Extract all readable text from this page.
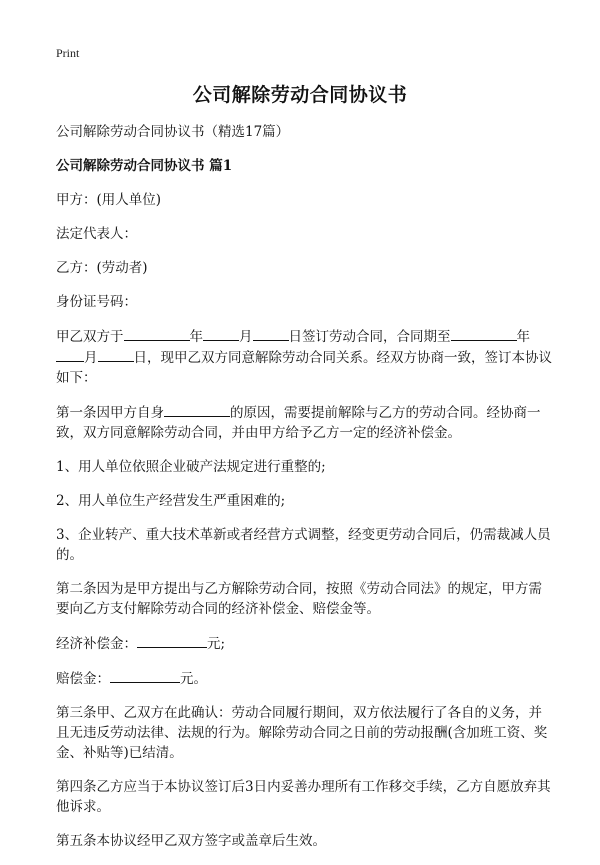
Print
公司解除劳动合同协议书

公司解除劳动合同协议书（精选17篇）

公司解除劳动合同协议书 篇1

甲方：(用人单位)

法定代表人：

乙方：(劳动者)

身份证号码：

甲乙双方于	年	月	日签订劳动合同，合同期至	年月	日，现甲乙双方同意解除劳动合同关系。经双方协商一致，签订本协议如下：

第一条因甲方自身	的原因，需要提前解除与乙方的劳动合同。经协商一致，双方同意解除劳动合同，并由甲方给予乙方一定的经济补偿金。

1、用人单位依照企业破产法规定进行重整的;

2、用人单位生产经营发生严重困难的;

3、企业转产、重大技术革新或者经营方式调整，经变更劳动合同后，仍需裁减人员的。

第二条因为是甲方提出与乙方解除劳动合同，按照《劳动合同法》的规定，甲方需要向乙方支付解除劳动合同的经济补偿金、赔偿金等。

经济补偿金：	元;

赔偿金：	元。

第三条甲、乙双方在此确认：劳动合同履行期间，双方依法履行了各自的义务，并且无违反劳动法律、法规的行为。解除劳动合同之日前的劳动报酬(含加班工资、奖金、补贴等)已结清。

第四条乙方应当于本协议签订后3日内妥善办理所有工作移交手续，乙方自愿放弃其他诉求。

第五条本协议经甲乙双方签字或盖章后生效。
